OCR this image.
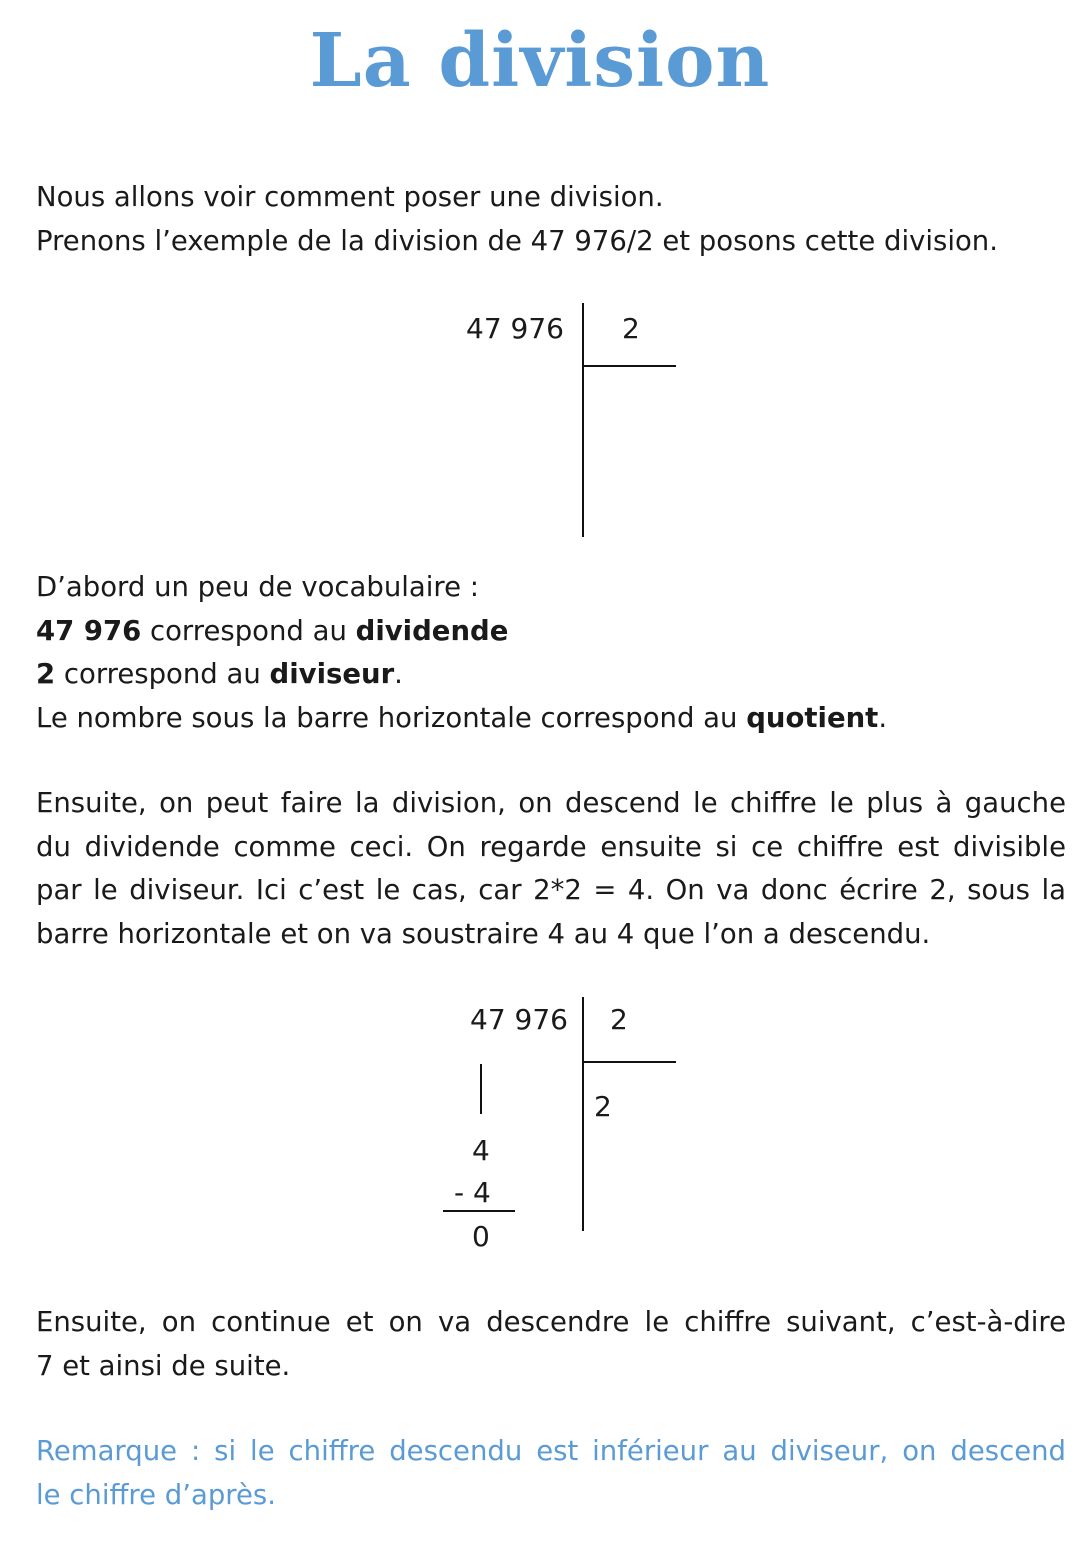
La division
Nous allons voir comment poser une division.
Prenons l’exemple de la division de 47 976/2 et posons cette division.
47 976 2
D’abord un peu de vocabulaire :
47 976 correspond au dividende
2 correspond au diviseur.
Le nombre sous la barre horizontale correspond au quotient.
Ensuite, on peut faire la division, on descend le chiffre le plus à gauche
du dividende comme ceci. On regarde ensuite si ce chiffre est divisible
par le diviseur. Ici c’est le cas, car 2*2 = 4. On va donc écrire 2, sous la
barre horizontale et on va soustraire 4 au 4 que l’on a descendu.
47 976 2
2
4
- 4
0
Ensuite, on continue et on va descendre le chiffre suivant, c’est-à-dire
7 et ainsi de suite.
Remarque : si le chiffre descendu est inférieur au diviseur, on descend
le chiffre d’après.
